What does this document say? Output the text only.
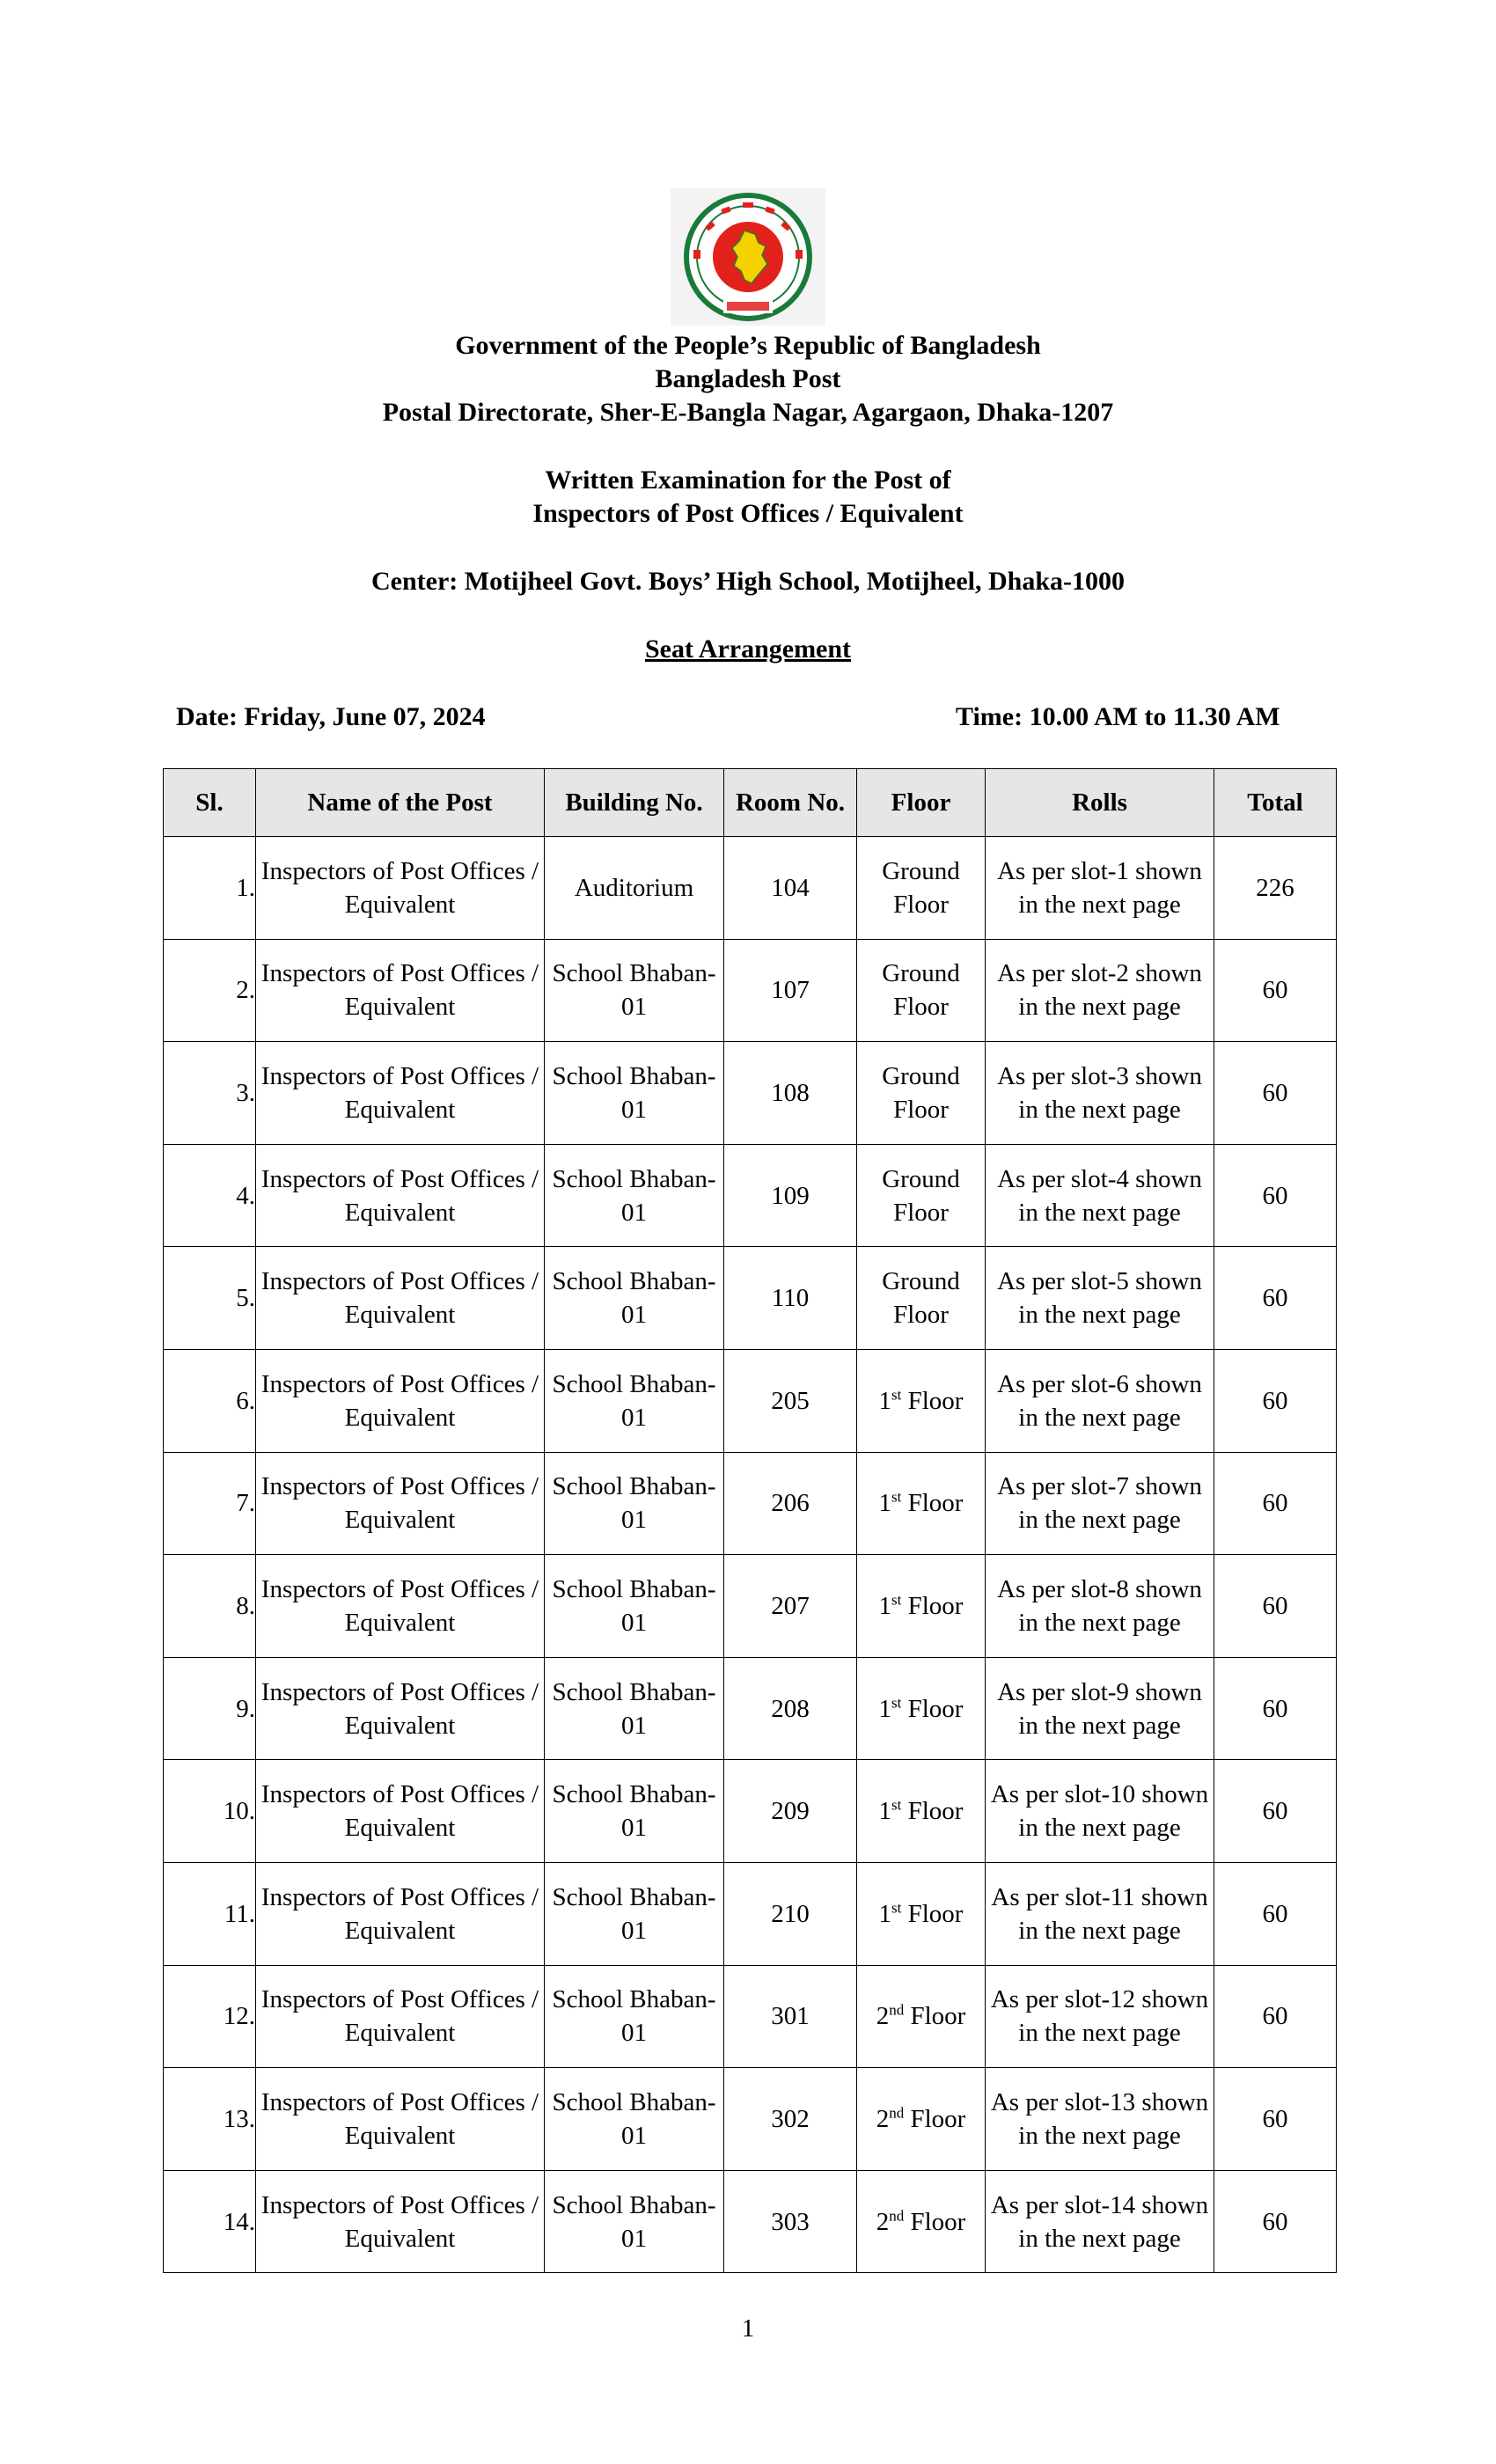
Government of the People’s Republic of Bangladesh
Bangladesh Post
Postal Directorate, Sher-E-Bangla Nagar, Agargaon, Dhaka-1207
Written Examination for the Post of
Inspectors of Post Offices / Equivalent
Center: Motijheel Govt. Boys’ High School, Motijheel, Dhaka-1000
Seat Arrangement
Date: Friday, June 07, 2024	Time: 10.00 AM to 11.30 AM
Sl.	Name of the Post	Building No.	Room No.	Floor	Rolls	Total
1.	Inspectors of Post Offices / Equivalent	Auditorium	104	Ground Floor	As per slot-1 shown in the next page	226
2.	Inspectors of Post Offices / Equivalent	School Bhaban-01	107	Ground Floor	As per slot-2 shown in the next page	60
3.	Inspectors of Post Offices / Equivalent	School Bhaban-01	108	Ground Floor	As per slot-3 shown in the next page	60
4.	Inspectors of Post Offices / Equivalent	School Bhaban-01	109	Ground Floor	As per slot-4 shown in the next page	60
5.	Inspectors of Post Offices / Equivalent	School Bhaban-01	110	Ground Floor	As per slot-5 shown in the next page	60
6.	Inspectors of Post Offices / Equivalent	School Bhaban-01	205	1st Floor	As per slot-6 shown in the next page	60
7.	Inspectors of Post Offices / Equivalent	School Bhaban-01	206	1st Floor	As per slot-7 shown in the next page	60
8.	Inspectors of Post Offices / Equivalent	School Bhaban-01	207	1st Floor	As per slot-8 shown in the next page	60
9.	Inspectors of Post Offices / Equivalent	School Bhaban-01	208	1st Floor	As per slot-9 shown in the next page	60
10.	Inspectors of Post Offices / Equivalent	School Bhaban-01	209	1st Floor	As per slot-10 shown in the next page	60
11.	Inspectors of Post Offices / Equivalent	School Bhaban-01	210	1st Floor	As per slot-11 shown in the next page	60
12.	Inspectors of Post Offices / Equivalent	School Bhaban-01	301	2nd Floor	As per slot-12 shown in the next page	60
13.	Inspectors of Post Offices / Equivalent	School Bhaban-01	302	2nd Floor	As per slot-13 shown in the next page	60
14.	Inspectors of Post Offices / Equivalent	School Bhaban-01	303	2nd Floor	As per slot-14 shown in the next page	60
1
